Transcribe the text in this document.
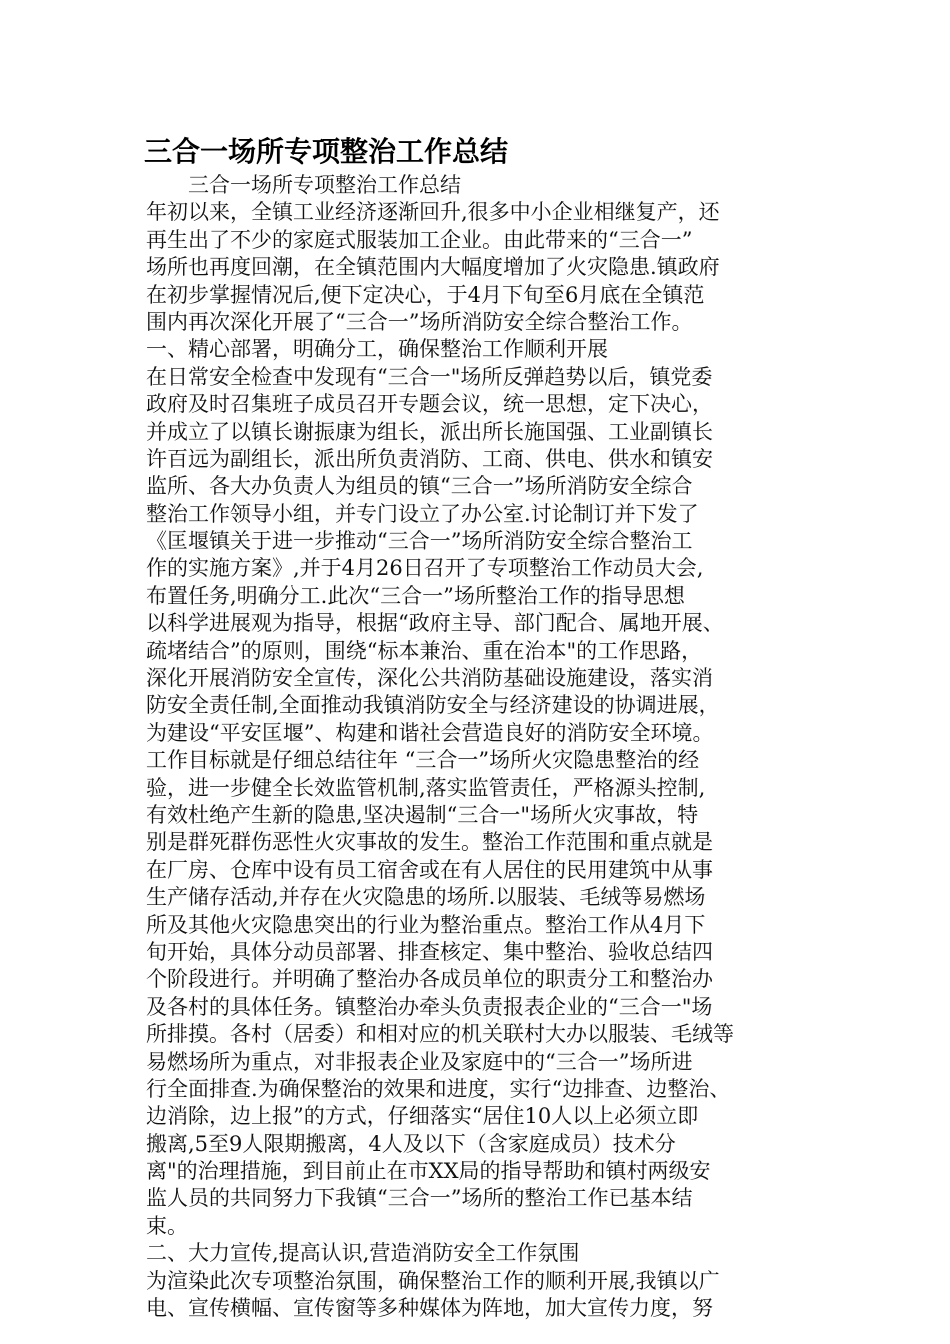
三合一场所专项整治工作总结
三合一场所专项整治工作总结
年初以来，全镇工业经济逐渐回升,很多中小企业相继复产，还
再生出了不少的家庭式服装加工企业。由此带来的“三合一”
场所也再度回潮，在全镇范围内大幅度增加了火灾隐患.镇政府
在初步掌握情况后,便下定决心，于4月下旬至6月底在全镇范
围内再次深化开展了“三合一”场所消防安全综合整治工作。
一、精心部署，明确分工，确保整治工作顺利开展
在日常安全检查中发现有“三合一"场所反弹趋势以后，镇党委
政府及时召集班子成员召开专题会议，统一思想，定下决心，
并成立了以镇长谢振康为组长，派出所长施国强、工业副镇长
许百远为副组长，派出所负责消防、工商、供电、供水和镇安
监所、各大办负责人为组员的镇“三合一”场所消防安全综合
整治工作领导小组，并专门设立了办公室.讨论制订并下发了
《匡堰镇关于进一步推动“三合一”场所消防安全综合整治工
作的实施方案》,并于4月26日召开了专项整治工作动员大会,
布置任务,明确分工.此次“三合一”场所整治工作的指导思想
以科学进展观为指导，根据“政府主导、部门配合、属地开展、
疏堵结合”的原则，围绕“标本兼治、重在治本"的工作思路，
深化开展消防安全宣传，深化公共消防基础设施建设，落实消
防安全责任制,全面推动我镇消防安全与经济建设的协调进展，
为建设“平安匡堰”、构建和谐社会营造良好的消防安全环境。
工作目标就是仔细总结往年 “三合一”场所火灾隐患整治的经
验，进一步健全长效监管机制,落实监管责任，严格源头控制,
有效杜绝产生新的隐患,坚决遏制“三合一"场所火灾事故，特
别是群死群伤恶性火灾事故的发生。整治工作范围和重点就是
在厂房、仓库中设有员工宿舍或在有人居住的民用建筑中从事
生产储存活动,并存在火灾隐患的场所.以服装、毛绒等易燃场
所及其他火灾隐患突出的行业为整治重点。整治工作从4月下
旬开始，具体分动员部署、排查核定、集中整治、验收总结四
个阶段进行。并明确了整治办各成员单位的职责分工和整治办
及各村的具体任务。镇整治办牵头负责报表企业的“三合一"场
所排摸。各村（居委）和相对应的机关联村大办以服装、毛绒等
易燃场所为重点，对非报表企业及家庭中的“三合一”场所进
行全面排查.为确保整治的效果和进度，实行“边排查、边整治、
边消除，边上报”的方式，仔细落实“居住10人以上必须立即
搬离,5至9人限期搬离，4人及以下（含家庭成员）技术分
离"的治理措施，到目前止在市XX局的指导帮助和镇村两级安
监人员的共同努力下我镇“三合一”场所的整治工作已基本结
束。
二、大力宣传,提高认识,营造消防安全工作氛围
为渲染此次专项整治氛围，确保整治工作的顺利开展,我镇以广
电、宣传横幅、宣传窗等多种媒体为阵地，加大宣传力度，努
